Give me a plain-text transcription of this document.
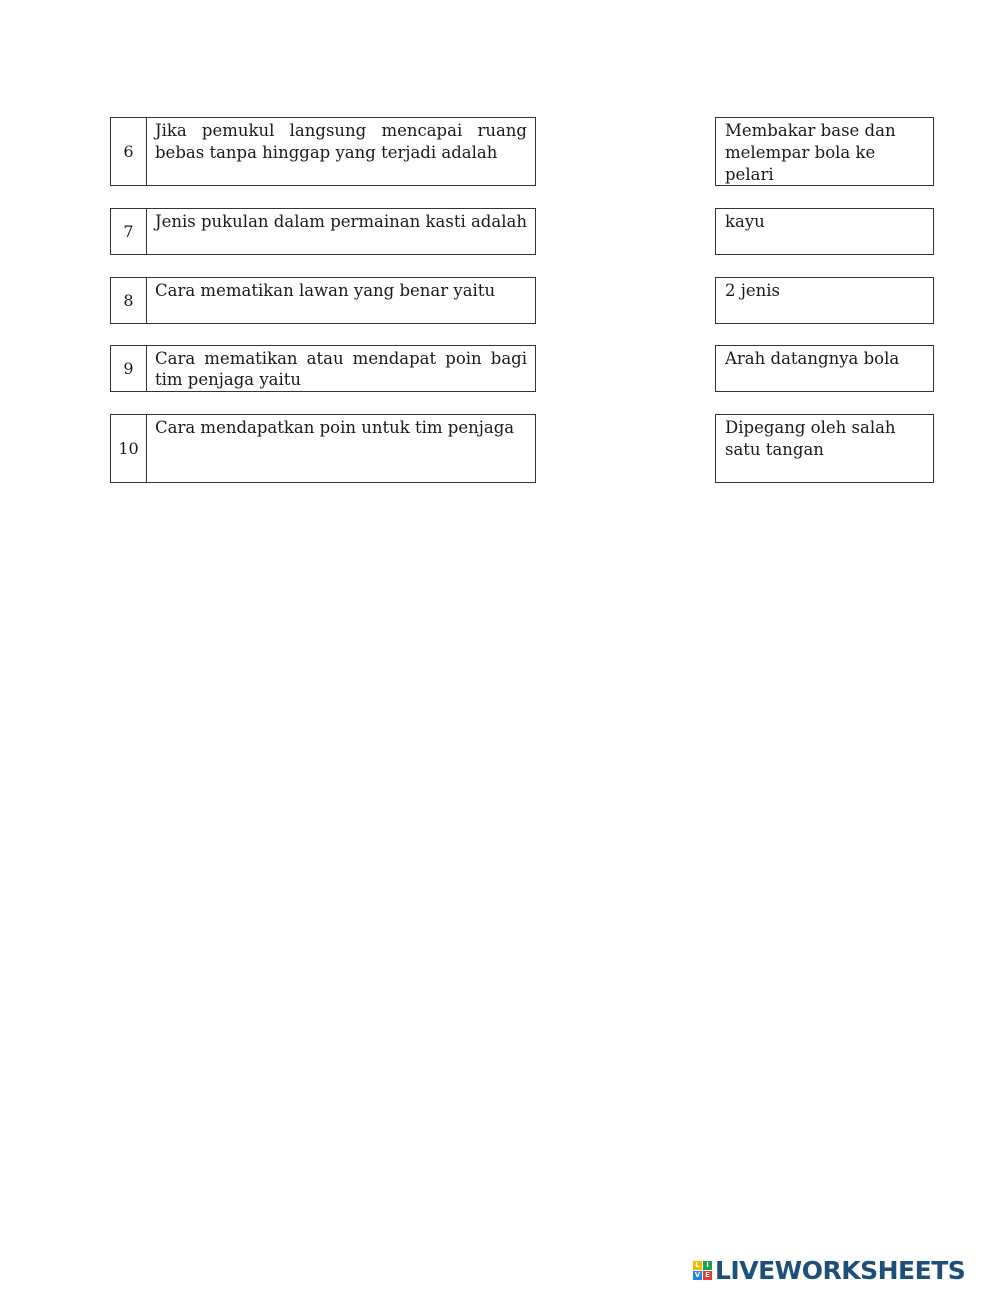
6
Jika pemukul langsung mencapai ruang bebas tanpa hinggap yang terjadi adalah
7
Jenis pukulan dalam permainan kasti adalah
8
Cara mematikan lawan yang benar yaitu
9
Cara mematikan atau mendapat poin bagi tim penjaga yaitu
10
Cara mendapatkan poin untuk tim penjaga
Membakar base dan melempar bola ke pelari
kayu
2 jenis
Arah datangnya bola
Dipegang oleh salah satu tangan
L I
V E LIVEWORKSHEETS
